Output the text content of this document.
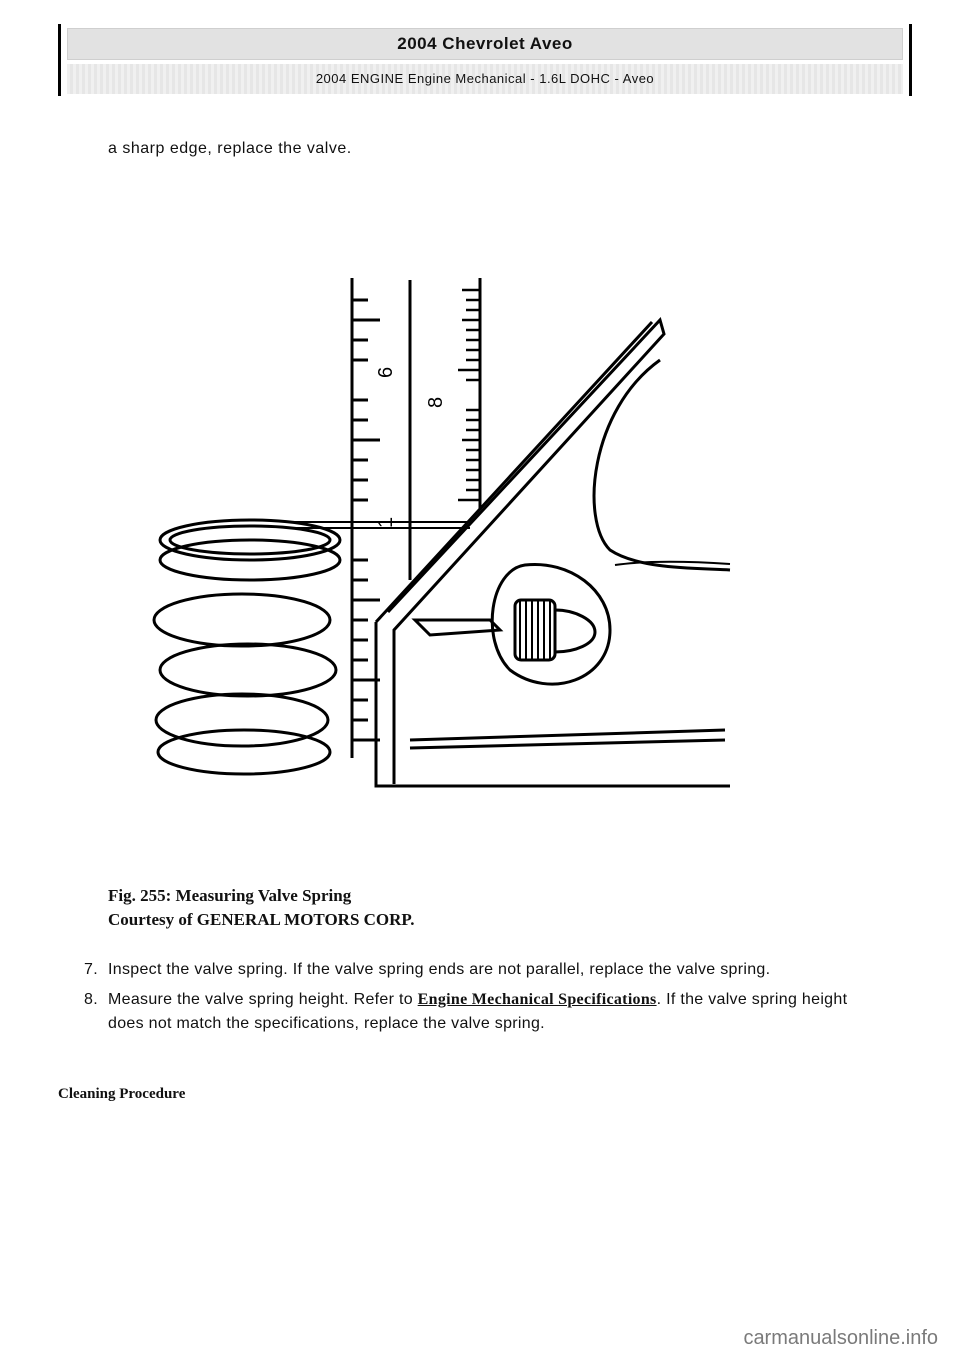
2004 Chevrolet Aveo
2004 ENGINE Engine Mechanical - 1.6L DOHC - Aveo
a sharp edge, replace the valve.
6
8
1
Fig. 255: Measuring Valve Spring
Courtesy of GENERAL MOTORS CORP.
7. Inspect the valve spring. If the valve spring ends are not parallel, replace the valve spring.
8. Measure the valve spring height. Refer to Engine Mechanical Specifications. If the valve spring height does not match the specifications, replace the valve spring.
Cleaning Procedure
carmanualsonline.info
